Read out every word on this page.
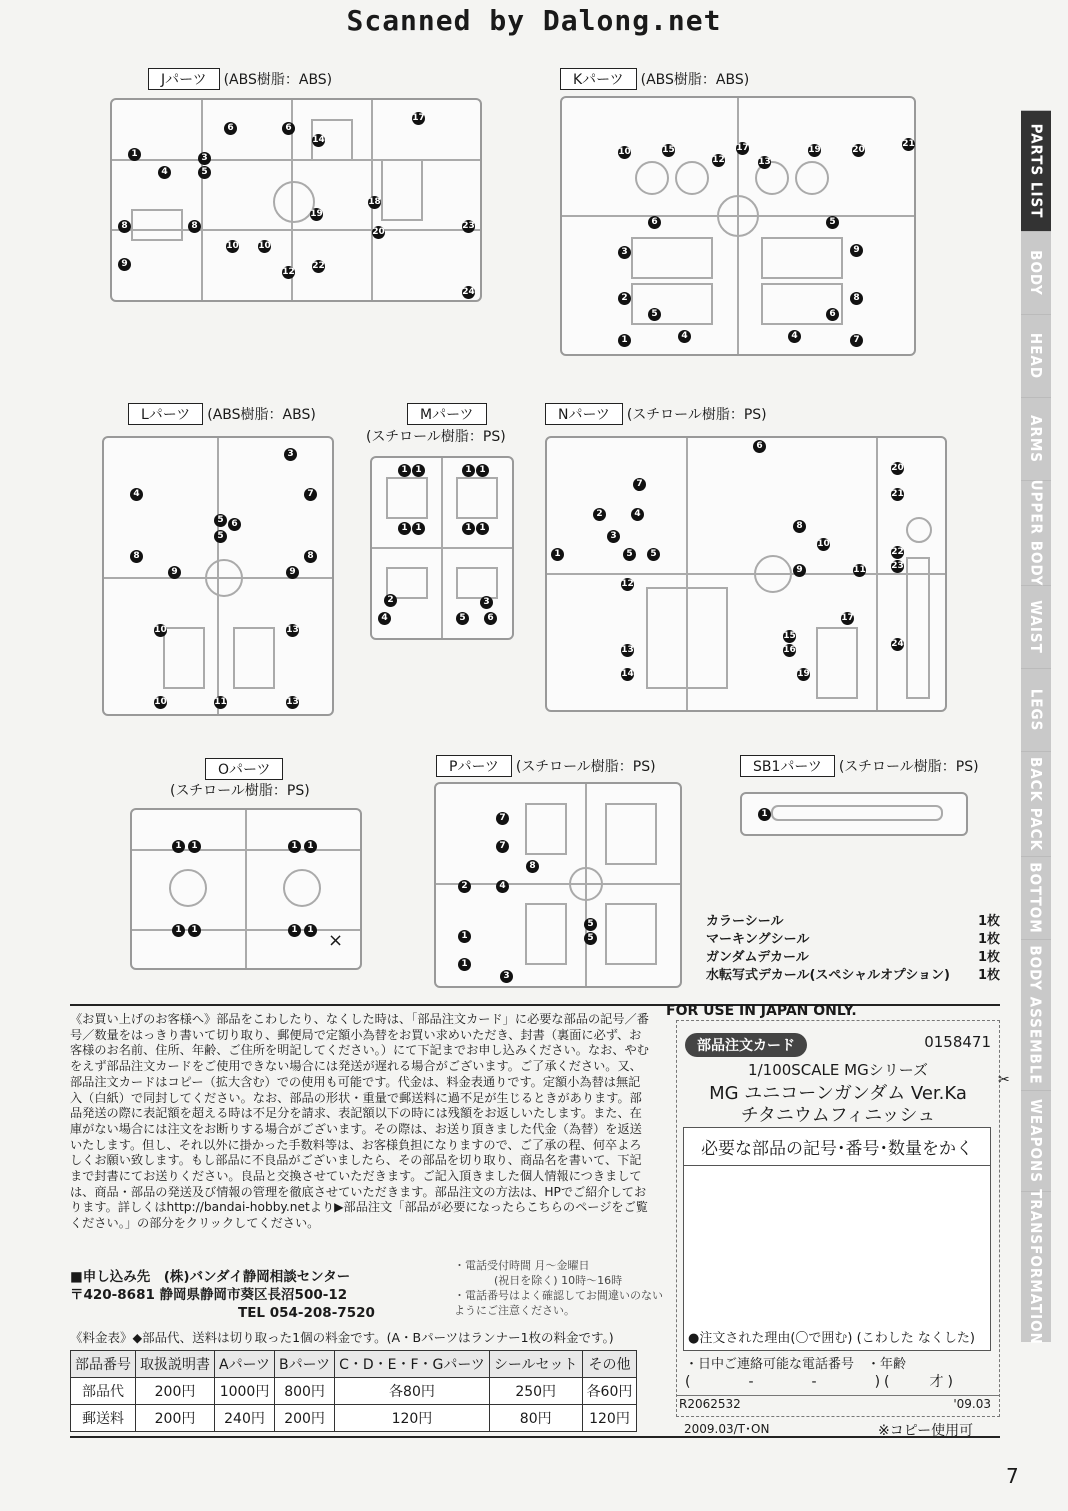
Scanned by Dalong.net
Jパーツ	(ABS樹脂：ABS)
1
4
3
5
6	6
8	8
10 10
14
17
18
19
20
23
9
12
22
24
Kパーツ	(ABS樹脂：ABS)
10	15
12
17
13
19	20
21
6	5
3	9
2	8
5	6
1	4	4	7
Lパーツ	(ABS樹脂：ABS)
4
5 6
5
3
7
8	8
9	9
10	13
10	11	13
Mパーツ
(スチロール樹脂：PS)
1 1	1 1
1 1	1 1
2	3
4	5	6
Nパーツ	(スチロール樹脂：PS)
1
2
3
4
5	5
6
7
8
9
10
11
12
13
14
15
16
17
19
20
21
22
23
24
Oパーツ
(スチロール樹脂：PS)
1	1	1	1
1	1	1	1 ×
Pパーツ	(スチロール樹脂：PS)
7
7
8
2	4
1
1
5
5
3
SB1パーツ	(スチロール樹脂：PS)
1
PARTS LIST
BODY
HEAD
ARMS
UPPER BODY
WAIST
LEGS
BACK PACK
BOTTOM
BODY ASSEMBLE
WEAPONS
TRANSFORMATION
カラーシール	1枚
マーキングシール	1枚
ガンダムデカール	1枚
水転写式デカール(スペシャルオプション) 1枚
《お買い上げのお客様へ》部品をこわしたり、なくした時は、「部品注文カード」に必要な部品の記号／番号／数量をはっきり書いて切り取り、郵便局で定額小為替をお買い求めいただき、封書（裏面に必ず、お客様のお名前、住所、年齢、ご住所を明記してください。）にて下記までお申し込みください。なお、やむをえず部品注文カードをご使用できない場合には発送が遅れる場合がございます。ご了承ください。又、部品注文カードはコピー（拡大含む）での使用も可能です。代金は、料金表通りです。定額小為替は無記入（白紙）で同封してください。なお、部品の形状・重量で郵送料に過不足が生じるときがあります。部品発送の際に表記額を超える時は不足分を請求、表記額以下の時には残額をお返しいたします。また、在庫がない場合には注文をお断りする場合がございます。その際は、お送り頂きました代金（為替）を返送いたします。但し、それ以外に掛かった手数料等は、お客様負担になりますので、ご了承の程、何卒よろしくお願い致します。もし部品に不良品がございましたら、その部品を切り取り、商品名を書いて、下記まで封書にてお送りください。良品と交換させていただきます。ご記入頂きました個人情報につきましては、商品・部品の発送及び情報の管理を徹底させていただきます。部品注文の方法は、HPでご紹介しております。詳しくはhttp://bandai-hobby.netより▶部品注文「部品が必要になったらこちらのページをご覧ください。」の部分をクリックしてください。
■申し込み先　(株)バンダイ静岡相談センター
〒420-8681 静岡県静岡市葵区長沼500-12
TEL 054-208-7520
・電話受付時間 月～金曜日
(祝日を除く) 10時～16時
・電話番号はよく確認してお間違いのないようにご注意ください。
《料金表》◆部品代、送料は切り取った1個の料金です。(A・Bパーツはランナー1枚の料金です。)
部品番号	取扱説明書	Aパーツ	Bパーツ	C・D・E・F・Gパーツ	シールセット	その他
部品代	200円	1000円	800円	各80円	250円	各60円
郵送料	200円	240円	200円	120円	80円	120円
FOR USE IN JAPAN ONLY.
部品注文カード	0158471
1/100SCALE MGシリーズ
MG ユニコーンガンダム Ver.Ka
チタニウムフィニッシュ
必要な部品の記号･番号･数量をかく
●注文された理由(〇で囲む) (こわした なくした)
・日中ご連絡可能な電話番号　・年齢
(　　　-　　　-　　　)(　　才)
R2062532	'09.03
✂
2009.03/T･ON	※コピー使用可
7
